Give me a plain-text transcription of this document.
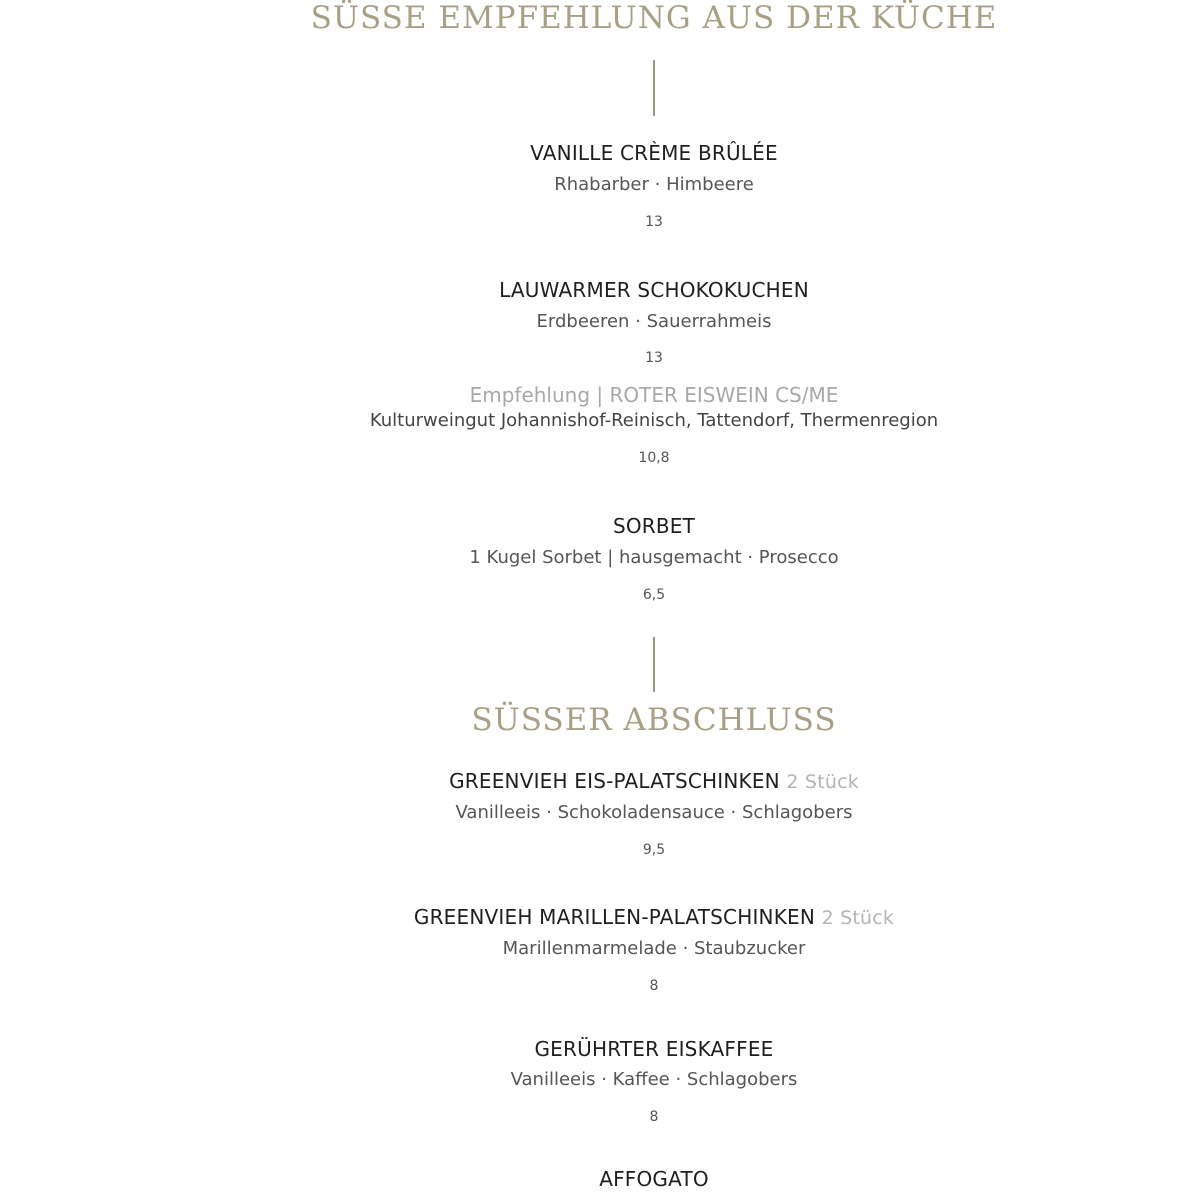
SÜSSE EMPFEHLUNG AUS DER KÜCHE
VANILLE CRÈME BRÛLÉE
Rhabarber · Himbeere
13
LAUWARMER SCHOKOKUCHEN
Erdbeeren · Sauerrahmeis
13
Empfehlung | ROTER EISWEIN CS/ME
Kulturweingut Johannishof-Reinisch, Tattendorf, Thermenregion
10,8
SORBET
1 Kugel Sorbet | hausgemacht · Prosecco
6,5
SÜSSER ABSCHLUSS
GREENVIEH EIS-PALATSCHINKEN 2 Stück
Vanilleeis · Schokoladensauce · Schlagobers
9,5
GREENVIEH MARILLEN-PALATSCHINKEN 2 Stück
Marillenmarmelade · Staubzucker
8
GERÜHRTER EISKAFFEE
Vanilleeis · Kaffee · Schlagobers
8
AFFOGATO
